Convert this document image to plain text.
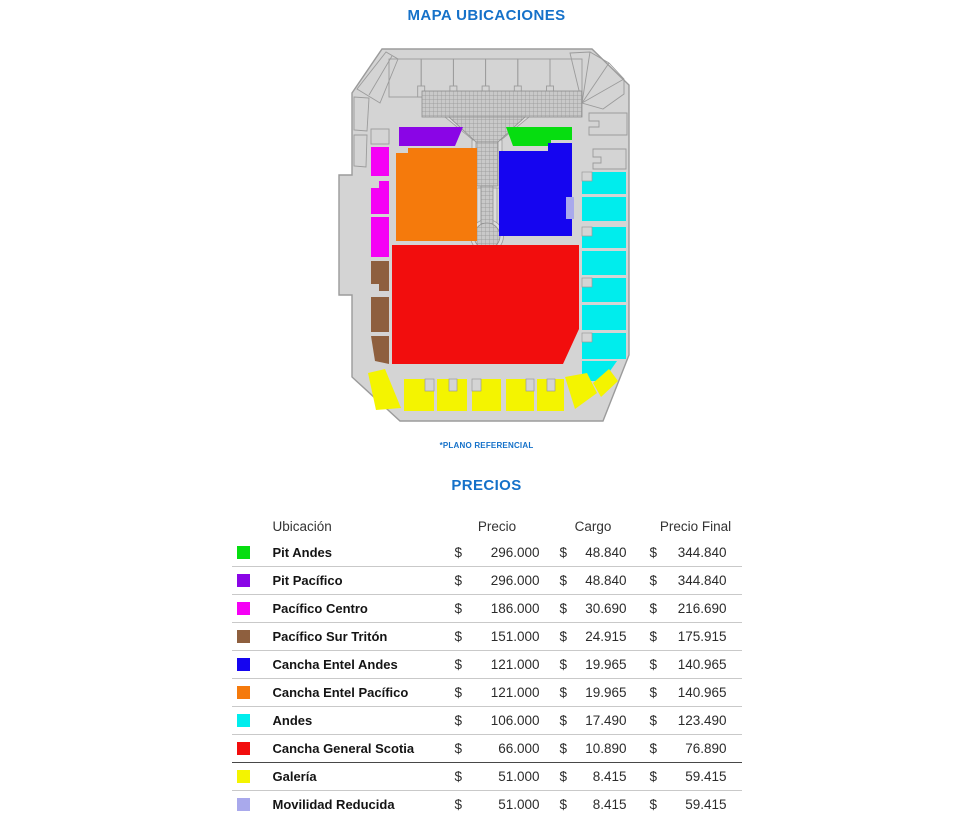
MAPA UBICACIONES
*PLANO REFERENCIAL
PRECIOS
Ubicación	Precio	Cargo	Precio Final
Pit Andes	$ 296.000 $ 48.840 $ 344.840
Pit Pacífico	$ 296.000 $ 48.840 $ 344.840
Pacífico Centro	$ 186.000 $ 30.690 $ 216.690
Pacífico Sur Tritón	$ 151.000 $ 24.915 $ 175.915
Cancha Entel Andes	$ 121.000 $ 19.965 $ 140.965
Cancha Entel Pacífico	$ 121.000 $ 19.965 $ 140.965
Andes	$ 106.000 $ 17.490 $ 123.490
Cancha General Scotia	$	66.000 $ 10.890 $ 76.890
Galería	$	51.000 $ 8.415 $ 59.415
Movilidad Reducida	$	51.000 $ 8.415 $ 59.415
